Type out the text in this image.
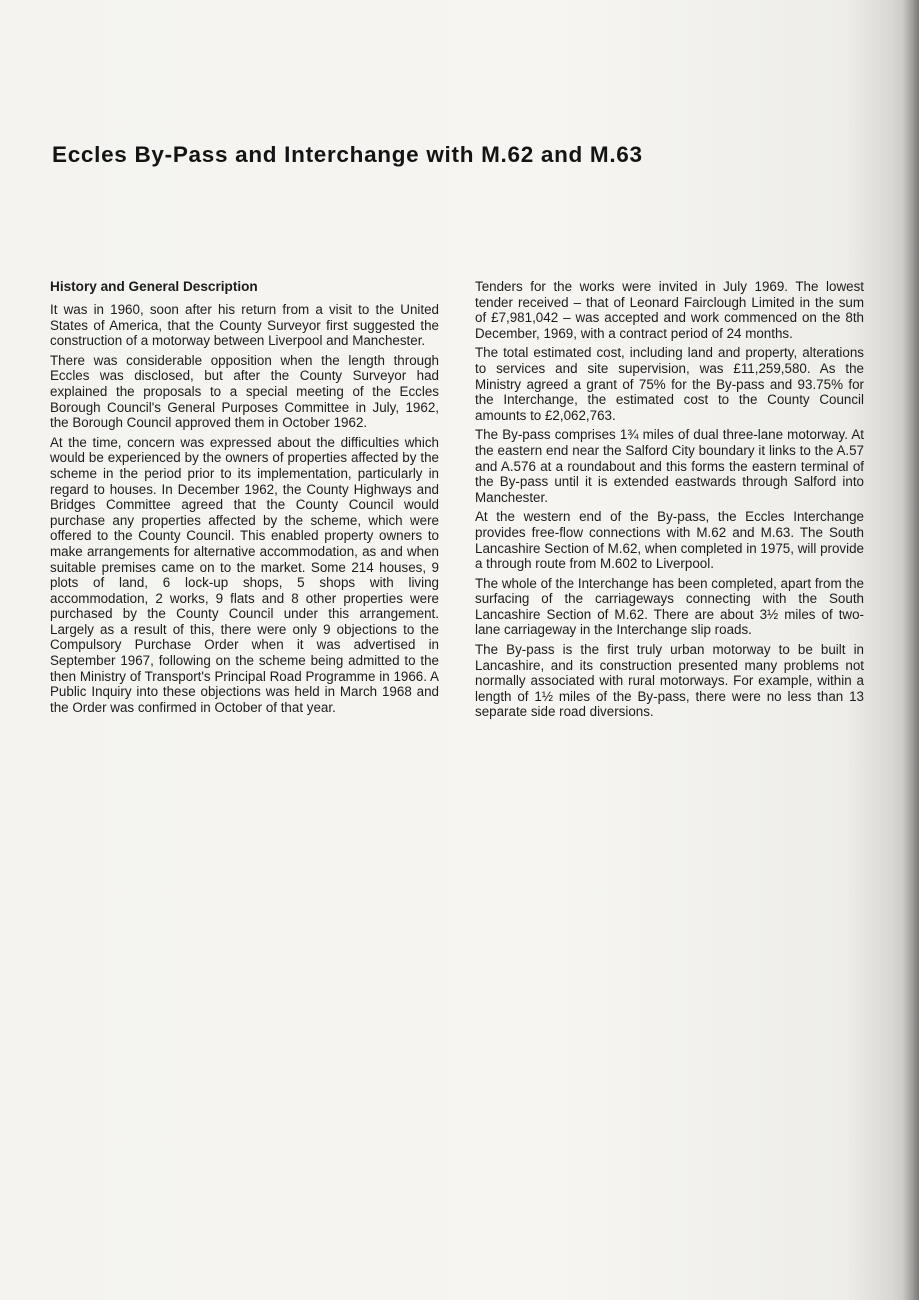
Eccles By-Pass and Interchange with M.62 and M.63
History and General Description

It was in 1960, soon after his return from a visit to the United States of America, that the County Surveyor first suggested the construction of a motorway between Liverpool and Manchester.

There was considerable opposition when the length through Eccles was disclosed, but after the County Surveyor had explained the proposals to a special meeting of the Eccles Borough Council's General Purposes Committee in July, 1962, the Borough Council approved them in October 1962.

At the time, concern was expressed about the difficulties which would be experienced by the owners of properties affected by the scheme in the period prior to its implementation, particularly in regard to houses. In December 1962, the County Highways and Bridges Committee agreed that the County Council would purchase any properties affected by the scheme, which were offered to the County Council. This enabled property owners to make arrangements for alternative accommodation, as and when suitable premises came on to the market. Some 214 houses, 9 plots of land, 6 lock-up shops, 5 shops with living accommodation, 2 works, 9 flats and 8 other properties were purchased by the County Council under this arrangement. Largely as a result of this, there were only 9 objections to the Compulsory Purchase Order when it was advertised in September 1967, following on the scheme being admitted to the then Ministry of Transport's Principal Road Programme in 1966. A Public Inquiry into these objections was held in March 1968 and the Order was confirmed in October of that year.

Tenders for the works were invited in July 1969. The lowest tender received – that of Leonard Fairclough Limited in the sum of £7,981,042 – was accepted and work commenced on the 8th December, 1969, with a contract period of 24 months.

The total estimated cost, including land and property, alterations to services and site supervision, was £11,259,580. As the Ministry agreed a grant of 75% for the By-pass and 93.75% for the Interchange, the estimated cost to the County Council amounts to £2,062,763.

The By-pass comprises 1¾ miles of dual three-lane motorway. At the eastern end near the Salford City boundary it links to the A.57 and A.576 at a roundabout and this forms the eastern terminal of the By-pass until it is extended eastwards through Salford into Manchester.

At the western end of the By-pass, the Eccles Interchange provides free-flow connections with M.62 and M.63. The South Lancashire Section of M.62, when completed in 1975, will provide a through route from M.602 to Liverpool.

The whole of the Interchange has been completed, apart from the surfacing of the carriageways connecting with the South Lancashire Section of M.62. There are about 3½ miles of two-lane carriageway in the Interchange slip roads.

The By-pass is the first truly urban motorway to be built in Lancashire, and its construction presented many problems not normally associated with rural motorways. For example, within a length of 1½ miles of the By-pass, there were no less than 13 separate side road diversions.
